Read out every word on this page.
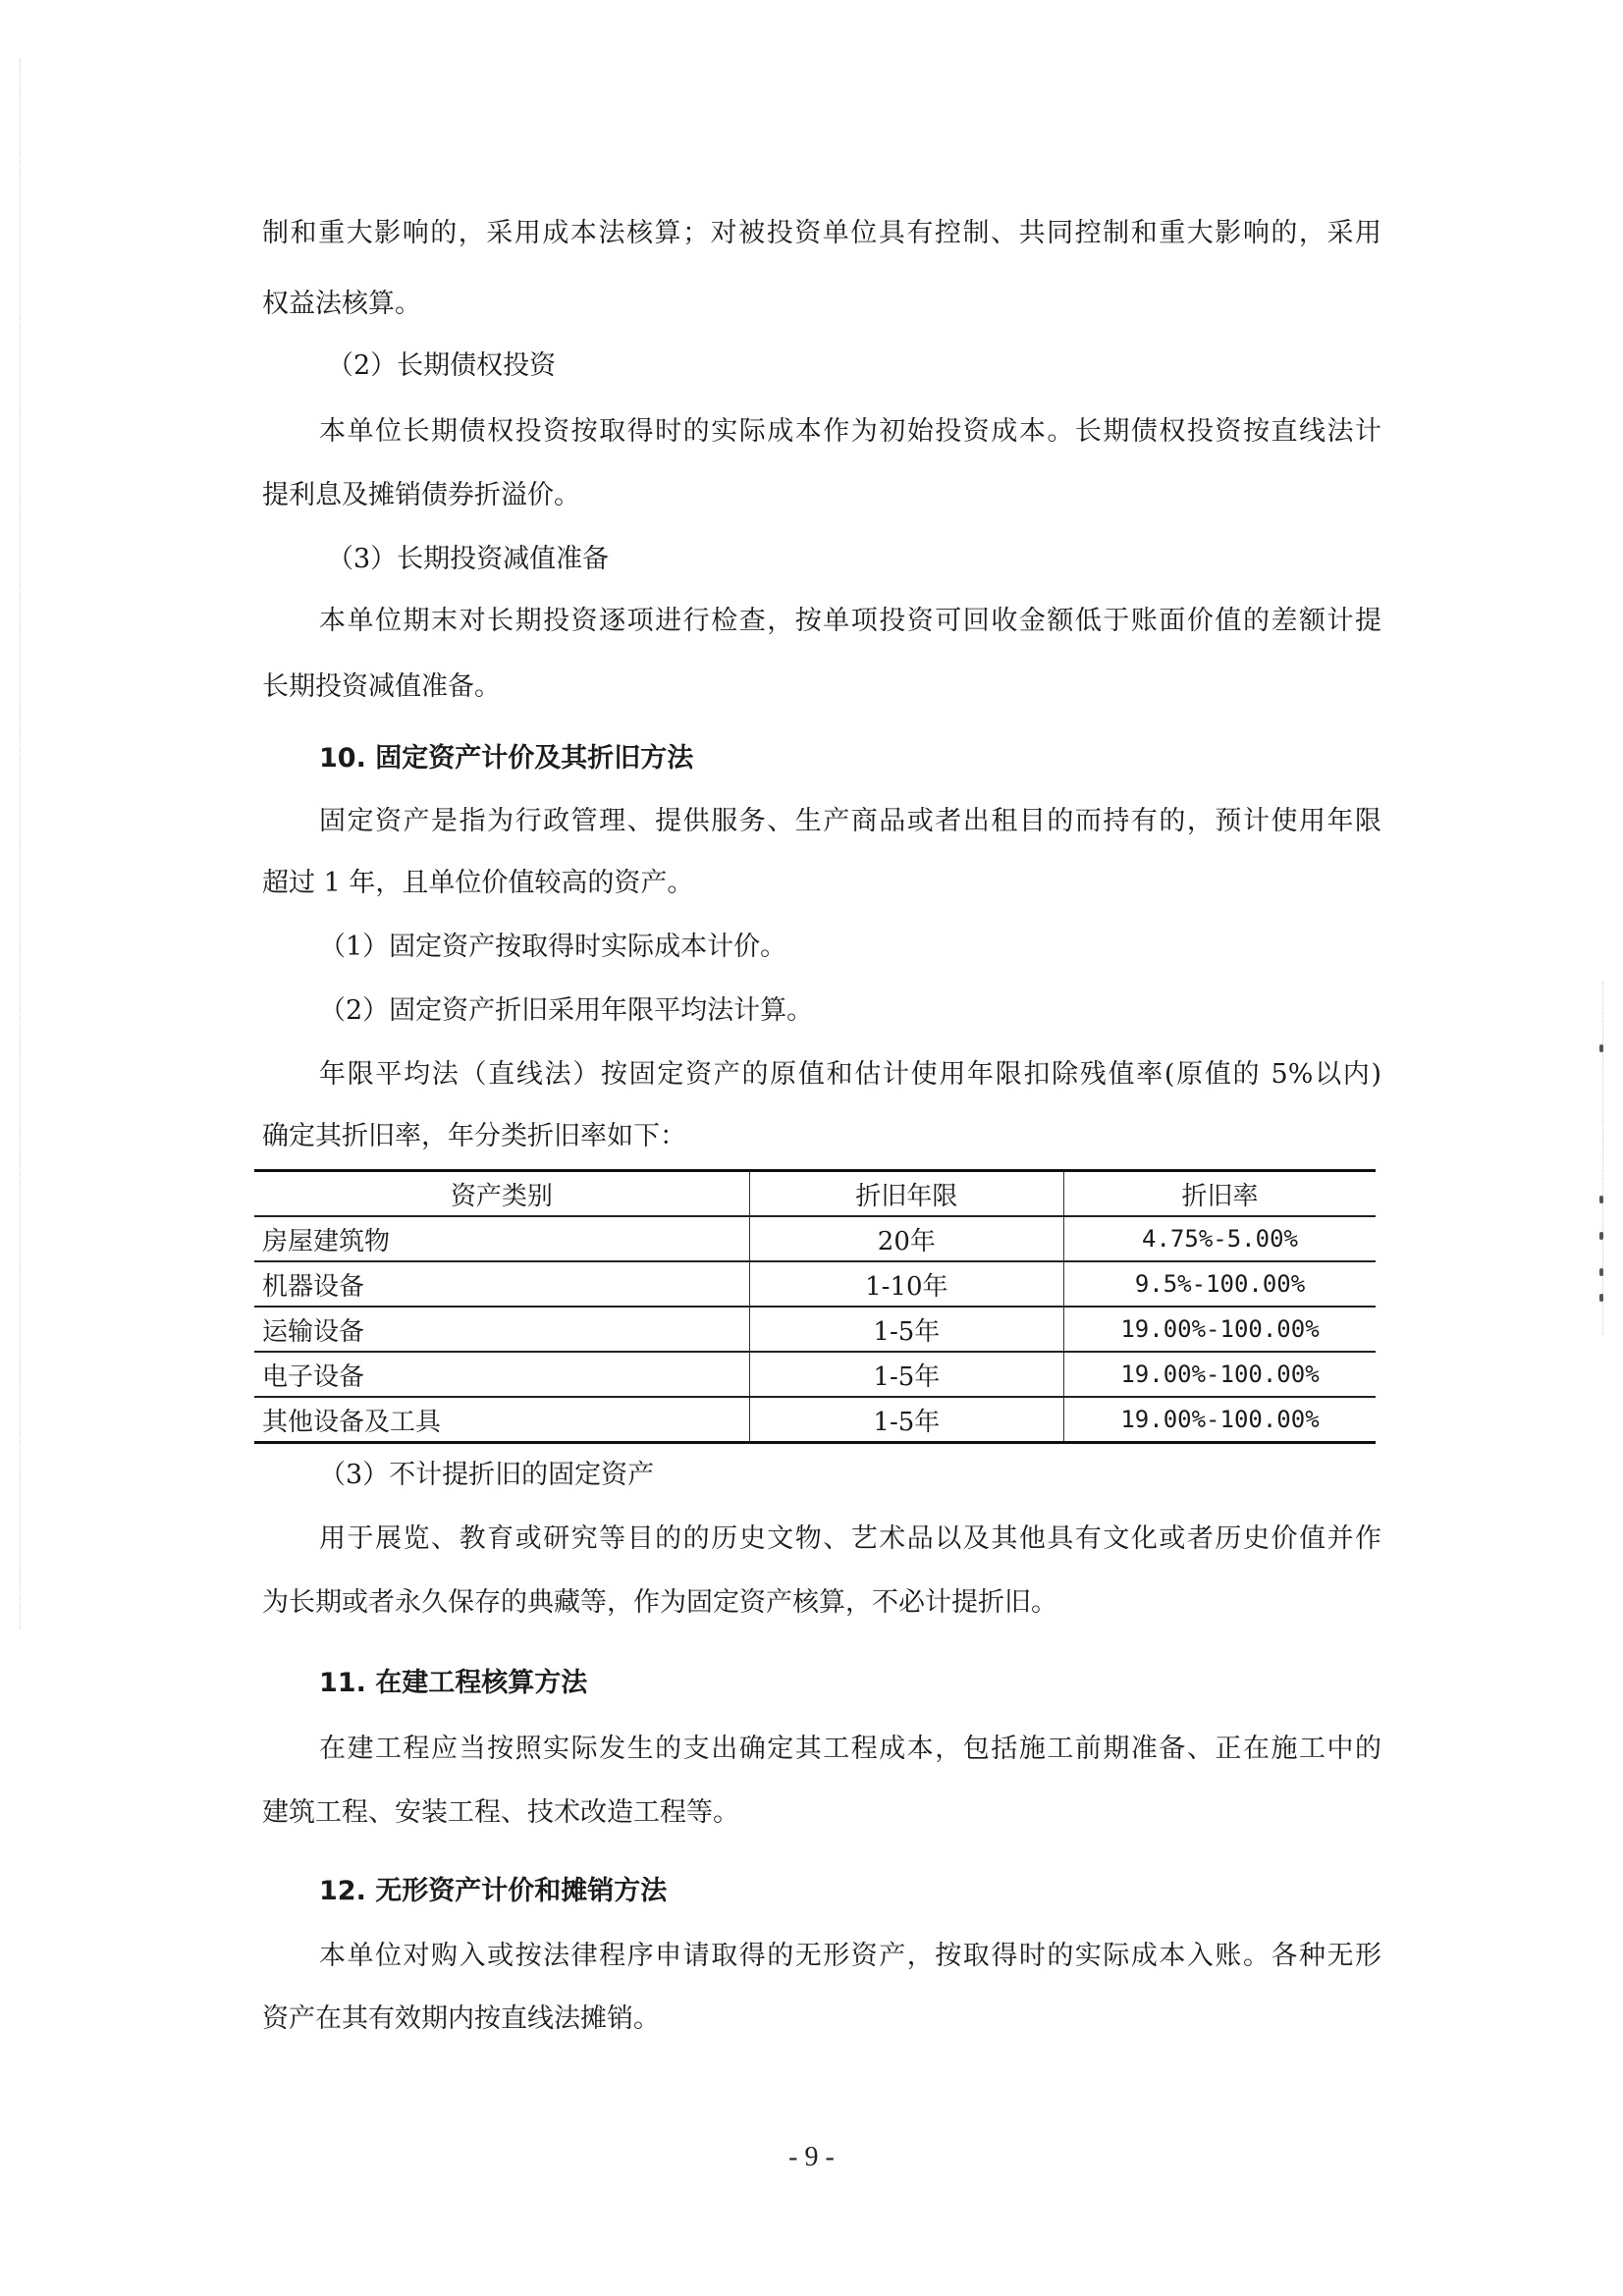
制和重大影响的，采用成本法核算；对被投资单位具有控制、共同控制和重大影响的，采用
权益法核算。
（2）长期债权投资
本单位长期债权投资按取得时的实际成本作为初始投资成本。长期债权投资按直线法计
提利息及摊销债券折溢价。
（3）长期投资减值准备
本单位期末对长期投资逐项进行检查，按单项投资可回收金额低于账面价值的差额计提
长期投资减值准备。
10. 固定资产计价及其折旧方法
固定资产是指为行政管理、提供服务、生产商品或者出租目的而持有的，预计使用年限
超过 1 年，且单位价值较高的资产。
（1）固定资产按取得时实际成本计价。
（2）固定资产折旧采用年限平均法计算。
年限平均法（直线法）按固定资产的原值和估计使用年限扣除残值率(原值的 5%以内)
确定其折旧率，年分类折旧率如下：
资产类别	折旧年限	折旧率
房屋建筑物	20年	4.75%-5.00%
机器设备	1-10年	9.5%-100.00%
运输设备	1-5年	19.00%-100.00%
电子设备	1-5年	19.00%-100.00%
其他设备及工具	1-5年	19.00%-100.00%
（3）不计提折旧的固定资产
用于展览、教育或研究等目的的历史文物、艺术品以及其他具有文化或者历史价值并作
为长期或者永久保存的典藏等，作为固定资产核算，不必计提折旧。
11. 在建工程核算方法
在建工程应当按照实际发生的支出确定其工程成本，包括施工前期准备、正在施工中的
建筑工程、安装工程、技术改造工程等。
12. 无形资产计价和摊销方法
本单位对购入或按法律程序申请取得的无形资产，按取得时的实际成本入账。各种无形
资产在其有效期内按直线法摊销。
- 9 -
